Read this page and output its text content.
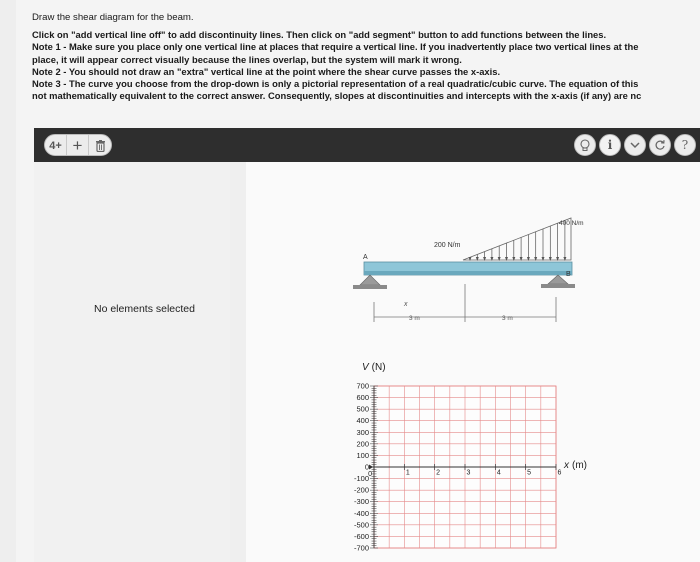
Draw the shear diagram for the beam.

Click on "add vertical line off" to add discontinuity lines. Then click on "add segment" button to add functions between the lines.

Note 1 - Make sure you place only one vertical line at places that require a vertical line. If you inadvertently place two vertical lines at the

place, it will appear correct visually because the lines overlap, but the system will mark it wrong.

Note 2 - You should not draw an "extra" vertical line at the point where the shear curve passes the x-axis.

Note 3 - The curve you choose from the drop-down is only a pictorial representation of a real quadratic/cubic curve. The equation of this

not mathematically equivalent to the correct answer. Consequently, slopes at discontinuities and intercepts with the x-axis (if any) are nc

4+ +	i	?
No elements selected
200 N/m
400 N/m
A
B
x
3 m	3 m
V (N)
x (m)
700
600
500
400
300
200
100
0
-100
-200
-300
-400
-500
-600
-700
0	1	2	3	4	5	6
